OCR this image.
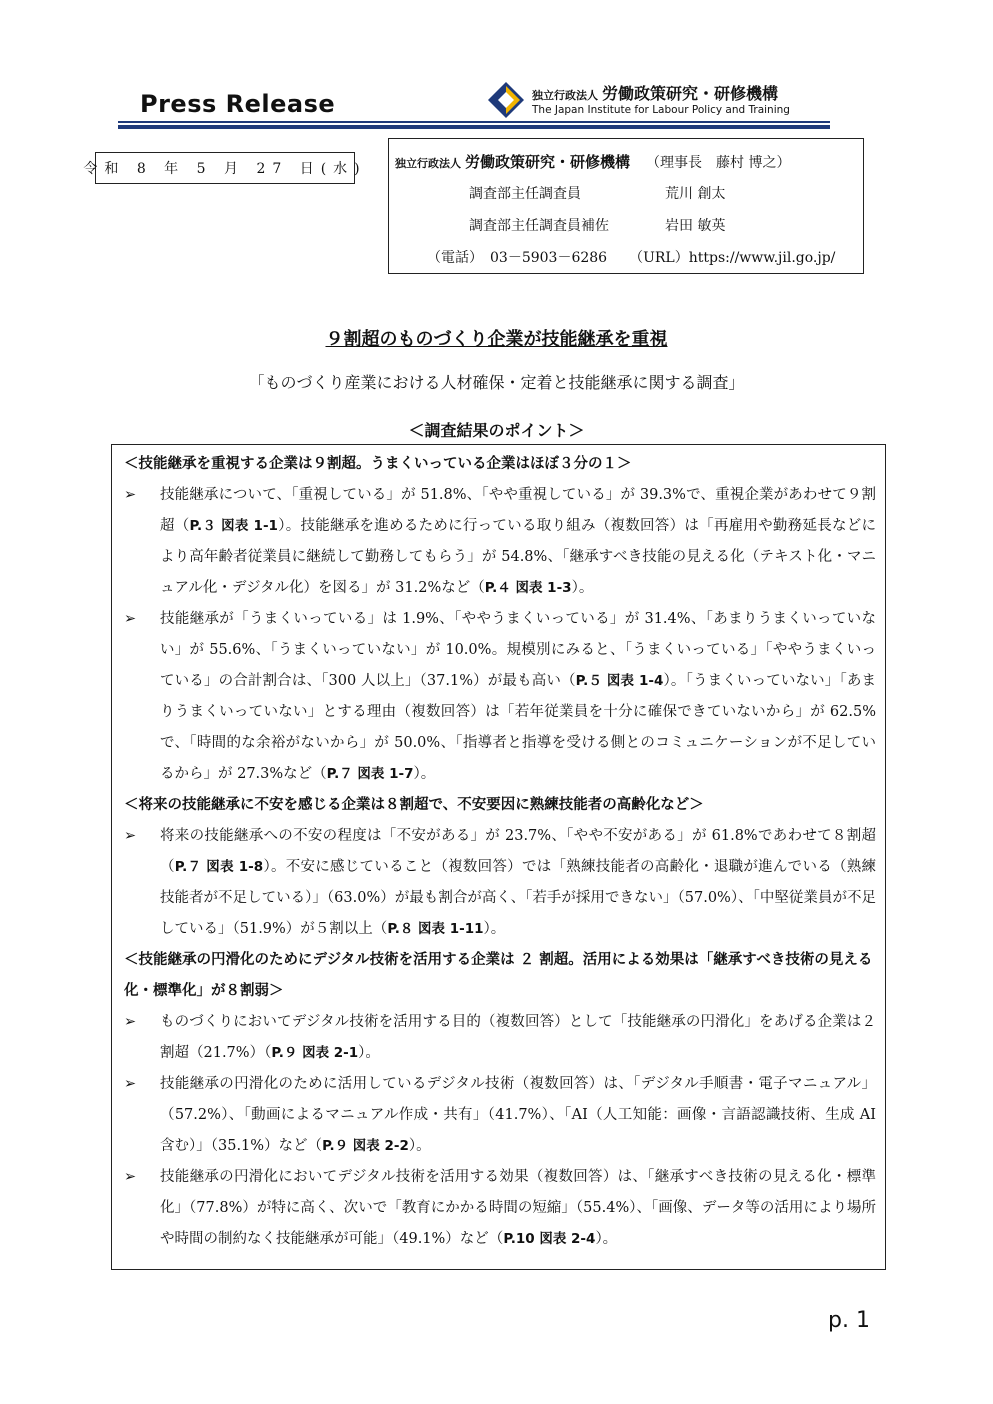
Press Release	独立行政法人 労働政策研究・研修機構
The Japan Institute for Labour Policy and Training
令和 8 年 5 月 27 日(水)	独立行政法人 労働政策研究・研修機構 （理事長　藤村 博之）
調査部主任調査員	荒川 創太
調査部主任調査員補佐	岩田 敏英
（電話）　03－5903－6286 （URL）https://www.jil.go.jp/
９割超のものづくり企業が技能継承を重視
「ものづくり産業における人材確保・定着と技能継承に関する調査」
＜調査結果のポイント＞
＜技能継承を重視する企業は９割超。うまくいっている企業はほぼ３分の１＞
➢	技能継承について、「重視している」が 51.8%、「やや重視している」が 39.3%で、重視企業があわせて９割超（P.３ 図表 1-1）。技能継承を進めるために行っている取り組み（複数回答）は「再雇用や勤務延長などにより高年齢者従業員に継続して勤務してもらう」が 54.8%、「継承すべき技能の見える化（テキスト化・マニュアル化・デジタル化）を図る」が 31.2%など（P.４ 図表 1-3）。
➢	技能継承が「うまくいっている」は 1.9%、「ややうまくいっている」が 31.4%、「あまりうまくいっていない」が 55.6%、「うまくいっていない」が 10.0%。規模別にみると、「うまくいっている」「ややうまくいっている」の合計割合は、「300 人以上」（37.1%）が最も高い（P.５ 図表 1-4）。「うまくいっていない」「あまりうまくいっていない」とする理由（複数回答）は「若年従業員を十分に確保できていないから」が 62.5%で、「時間的な余裕がないから」が 50.0%、「指導者と指導を受ける側とのコミュニケーションが不足しているから」が 27.3%など（P.７ 図表 1-7）。
＜将来の技能継承に不安を感じる企業は８割超で、不安要因に熟練技能者の高齢化など＞
➢	将来の技能継承への不安の程度は「不安がある」が 23.7%、「やや不安がある」が 61.8%であわせて８割超（P.７ 図表 1-8）。不安に感じていること（複数回答）では「熟練技能者の高齢化・退職が進んでいる（熟練技能者が不足している）」（63.0%）が最も割合が高く、「若手が採用できない」（57.0%）、「中堅従業員が不足している」（51.9%）が５割以上（P.８ 図表 1-11）。
＜技能継承の円滑化のためにデジタル技術を活用する企業は ２ 割超。活用による効果は「継承すべき技術の見える化・標準化」が８割弱＞
➢	ものづくりにおいてデジタル技術を活用する目的（複数回答）として「技能継承の円滑化」をあげる企業は２割超（21.7%）（P.９ 図表 2-1）。
➢	技能継承の円滑化のために活用しているデジタル技術（複数回答）は、「デジタル手順書・電子マニュアル」（57.2%）、「動画によるマニュアル作成・共有」（41.7%）、「AI（人工知能：画像・言語認識技術、生成 AI 含む）」（35.1%）など（P.９ 図表 2-2）。
➢	技能継承の円滑化においてデジタル技術を活用する効果（複数回答）は、「継承すべき技術の見える化・標準化」（77.8%）が特に高く、次いで「教育にかかる時間の短縮」（55.4%）、「画像、データ等の活用により場所や時間の制約なく技能継承が可能」（49.1%）など（P.10 図表 2-4）。
p. 1
